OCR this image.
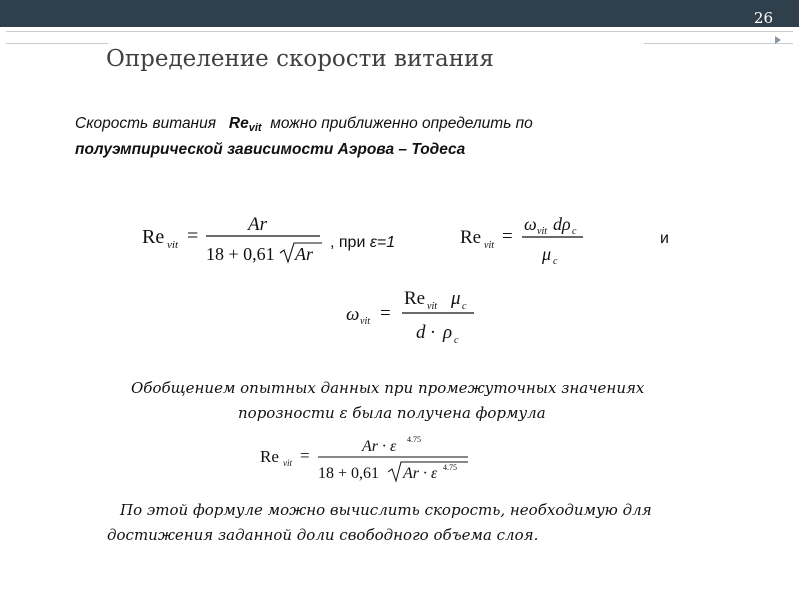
26
Определение скорости витания
Скорость витания $Re_{vit}$ можно приближенно определить по
полуэмпирической зависимости Аэрова – Тодеса
Re vit =
Ar
18 + 0,61 Ar
, при ε=1	Re vit =
ω vit d ρ c
μ c
и
ω vit =
Re vit μ c
d · ρ c
Обобщением опытных данных при промежуточных значениях
порозности ε была получена формула
Re vit =	Ar · ε 4.75
18 + 0,61 Ar · ε 4.75
По этой формуле можно вычислить скорость, необходимую для
достижения заданной доли свободного объема слоя.
